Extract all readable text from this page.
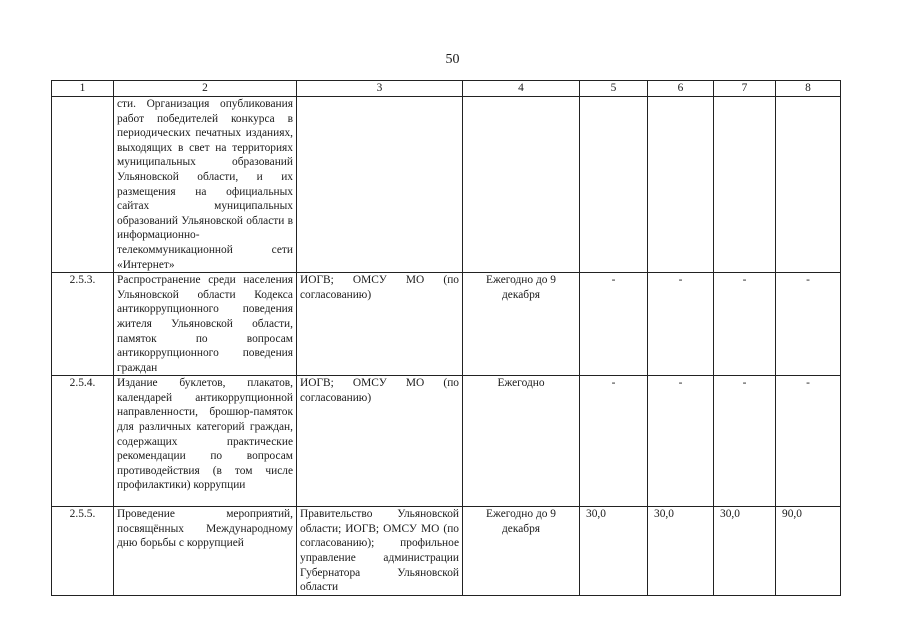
50
1	2	3	4	5	6	7	8
	сти. Организация опубликования работ победителей конкурса в периодических печатных изданиях, выходящих в свет на территориях муниципальных образований Ульяновской области, и их размещения на официальных сайтах муниципальных образований Ульяновской области в информационно-телекоммуникационной сети «Интернет»						
2.5.3.	Распространение среди населения Ульяновской области Кодекса антикоррупционного поведения жителя Ульяновской области, памяток по вопросам антикоррупционного поведения граждан	ИОГВ; ОМСУ МО (по согласованию)	Ежегодно до 9 декабря	-	-	-	-
2.5.4.	Издание буклетов, плакатов, календарей антикоррупционной направленности, брошюр-памяток для различных категорий граждан, содержащих практические рекомендации по вопросам противодействия (в том числе профилактики) коррупции	ИОГВ; ОМСУ МО (по согласованию)	Ежегодно	-	-	-	-
2.5.5.	Проведение мероприятий, посвящённых Международному дню борьбы с коррупцией	Правительство Ульяновской области; ИОГВ; ОМСУ МО (по согласованию); профильное управление администрации Губернатора Ульяновской области	Ежегодно до 9 декабря	30,0	30,0	30,0	90,0
